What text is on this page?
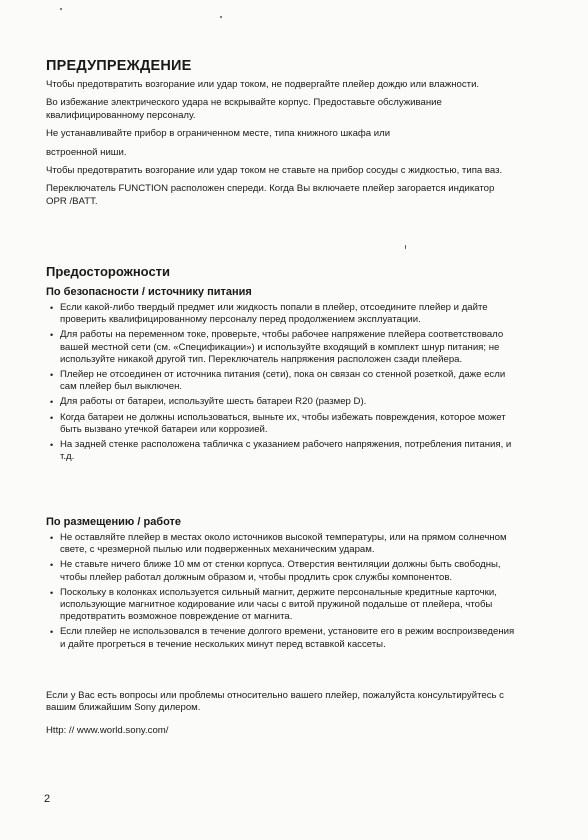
ПРЕДУПРЕЖДЕНИЕ

Чтобы предотвратить возгорание или удар током, не подвергайте плейер дождю или влажности.

Во избежание электрического удара не вскрывайте корпус. Предоставьте обслуживание квалифицированному персоналу.

Не устанавливайте прибор в ограниченном месте, типа книжного шкафа или

встроенной ниши.

Чтобы предотвратить возгорание или удар током не ставьте на прибор сосуды с жидкостью, типа ваз.

Переключатель FUNCTION расположен спереди. Когда Вы включаете плейер загорается индикатор OPR /BATT.

Предосторожности
По безопасности / источнику питания
• Если какой-либо твердый предмет или жидкость попали в плейер, отсоедините плейер и дайте проверить квалифицированному персоналу перед продолжением эксплуатации.
• Для работы на переменном токе, проверьте, чтобы рабочее напряжение плейера соответствовало вашей местной сети (см. «Спецификации») и используйте входящий в комплект шнур питания; не используйте никакой другой тип. Переключатель напряжения расположен сзади плейера.
• Плейер не отсоединен от источника питания (сети), пока он связан со стенной розеткой, даже если сам плейер был выключен.
• Для работы от батареи, используйте шесть батареи R20 (размер D).
• Когда батареи не должны использоваться, выньте их, чтобы избежать повреждения, которое может быть вызвано утечкой батареи или коррозией.
• На задней стенке расположена табличка с указанием рабочего напряжения, потребления питания, и т.д.
По размещению / работе
• Не оставляйте плейер в местах около источников высокой температуры, или на прямом солнечном свете, с чрезмерной пылью или подверженных механическим ударам.
• Не ставьте ничего ближе 10 мм от стенки корпуса. Отверстия вентиляции должны быть свободны, чтобы плейер работал должным образом и, чтобы продлить срок службы компонентов.
• Поскольку в колонках используется сильный магнит, держите персональные кредитные карточки, использующие магнитное кодирование или часы с витой пружиной подальше от плейера, чтобы предотвратить возможное повреждение от магнита.
• Если плейер не использовался в течение долгого времени, установите его в режим воспроизведения и дайте прогреться в течение нескольких минут перед вставкой кассеты.
Если у Вас есть вопросы или проблемы относительно вашего плейер, пожалуйста консультируйтесь с вашим ближайшим Sony дилером.
Http: // www.world.sony.com/
2
